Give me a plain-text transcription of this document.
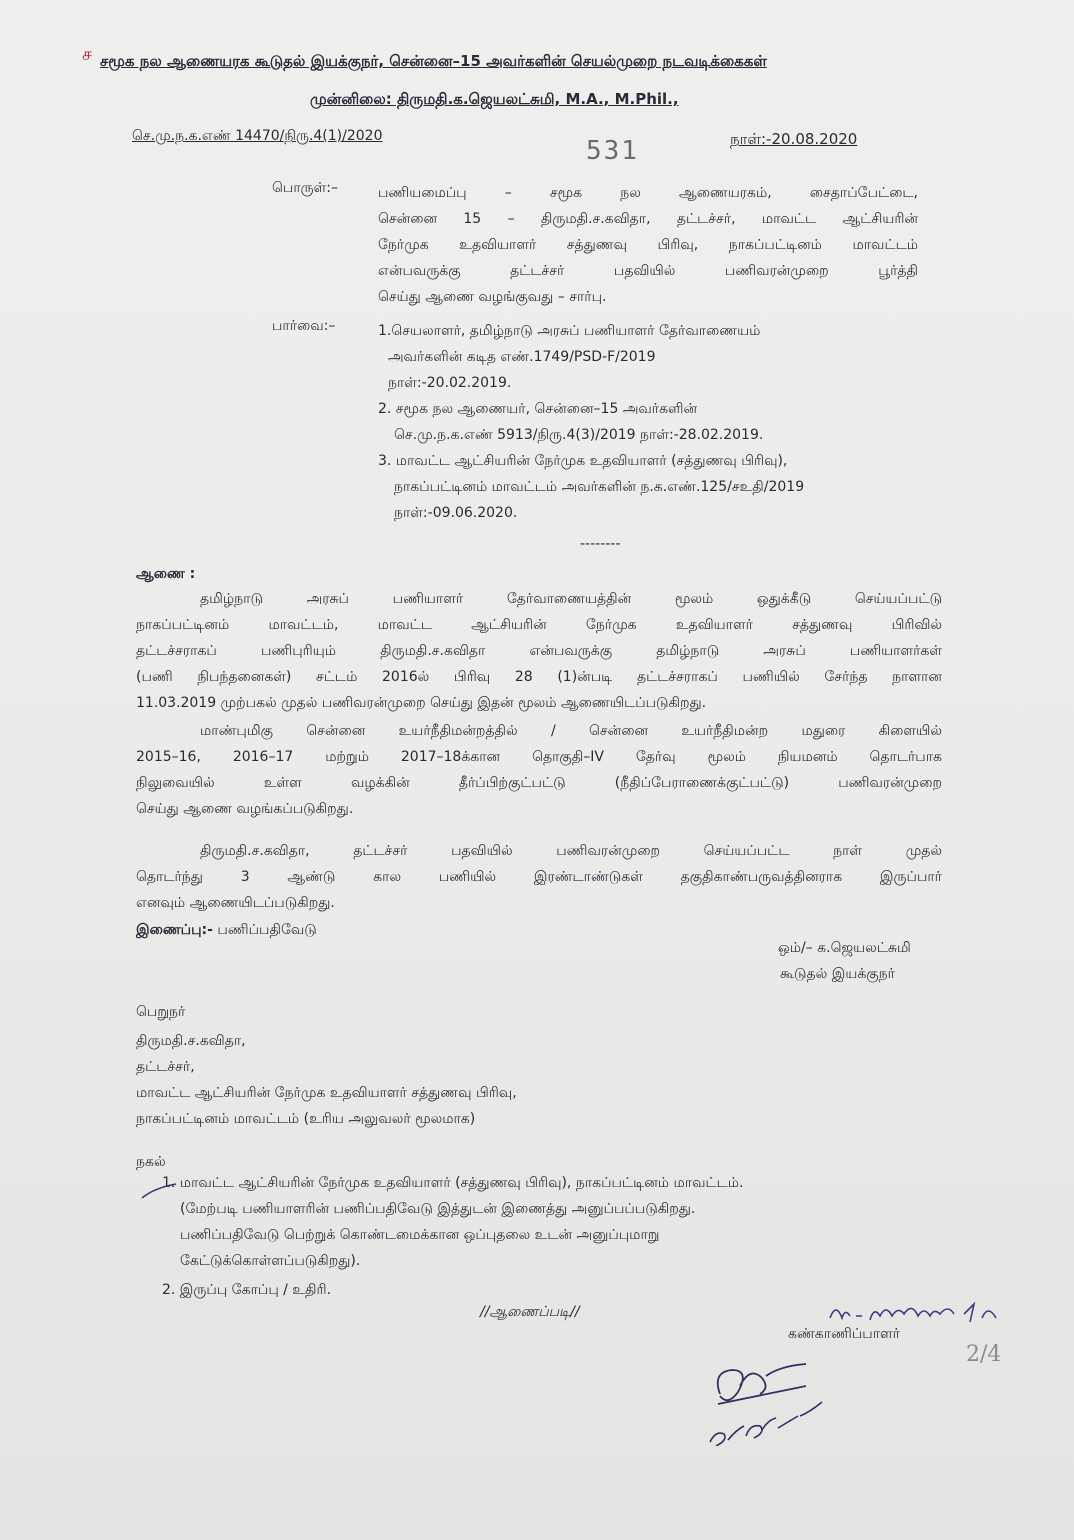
ச சமூக நல ஆணையரக கூடுதல் இயக்குநர், சென்னை–15 அவர்களின் செயல்முறை நடவடிக்கைகள்
முன்னிலை: திருமதி.க.ஜெயலட்சுமி, M.A., M.Phil.,
செ.மு.ந.க.எண் 14470/நிரு.4(1)/2020	531	நாள்:-20.08.2020
பொருள்:–	பணியமைப்பு – சமூக நல ஆணையரகம், சைதாப்பேட்டை,
சென்னை 15 – திருமதி.ச.கவிதா, தட்டச்சர், மாவட்ட ஆட்சியரின்
நேர்முக உதவியாளர் சத்துணவு பிரிவு, நாகப்பட்டினம் மாவட்டம்
என்பவருக்கு தட்டச்சர் பதவியில் பணிவரன்முறை பூர்த்தி
செய்து ஆணை வழங்குவது – சார்பு.
பார்வை:–	1.செயலாளர், தமிழ்நாடு அரசுப் பணியாளர் தேர்வாணையம்
அவர்களின் கடித எண்.1749/PSD-F/2019
நாள்:-20.02.2019.
2. சமூக நல ஆணையர், சென்னை–15 அவர்களின்
செ.மு.ந.க.எண் 5913/நிரு.4(3)/2019 நாள்:-28.02.2019.
3. மாவட்ட ஆட்சியரின் நேர்முக உதவியாளர் (சத்துணவு பிரிவு),
நாகப்பட்டினம் மாவட்டம் அவர்களின் ந.க.எண்.125/சஉதி/2019
நாள்:-09.06.2020.
--------
ஆணை :
தமிழ்நாடு அரசுப் பணியாளர் தேர்வாணையத்தின் மூலம் ஒதுக்கீடு செய்யப்பட்டு
நாகப்பட்டினம் மாவட்டம், மாவட்ட ஆட்சியரின் நேர்முக உதவியாளர் சத்துணவு பிரிவில்
தட்டச்சராகப் பணிபுரியும் திருமதி.ச.கவிதா என்பவருக்கு தமிழ்நாடு அரசுப் பணியாளர்கள்
(பணி நிபந்தனைகள்) சட்டம் 2016ல் பிரிவு 28 (1)ன்படி தட்டச்சராகப் பணியில் சேர்ந்த நாளான
11.03.2019 முற்பகல் முதல் பணிவரன்முறை செய்து இதன் மூலம் ஆணையிடப்படுகிறது.
மாண்புமிகு சென்னை உயர்நீதிமன்றத்தில் / சென்னை உயர்நீதிமன்ற மதுரை கிளையில்
2015–16, 2016–17 மற்றும் 2017–18க்கான தொகுதி–IV தேர்வு மூலம் நியமனம் தொடர்பாக
நிலுவையில் உள்ள வழக்கின் தீர்ப்பிற்குட்பட்டு (நீதிப்பேராணைக்குட்பட்டு) பணிவரன்முறை
செய்து ஆணை வழங்கப்படுகிறது.
திருமதி.ச.கவிதா, தட்டச்சர் பதவியில் பணிவரன்முறை செய்யப்பட்ட நாள் முதல்
தொடர்ந்து 3 ஆண்டு கால பணியில் இரண்டாண்டுகள் தகுதிகாண்பருவத்தினராக இருப்பார்
எனவும் ஆணையிடப்படுகிறது.
இணைப்பு:- பணிப்பதிவேடு
ஒம்/– க.ஜெயலட்சுமி
கூடுதல் இயக்குநர்
பெறுநர்
திருமதி.ச.கவிதா,
தட்டச்சர்,
மாவட்ட ஆட்சியரின் நேர்முக உதவியாளர் சத்துணவு பிரிவு,
நாகப்பட்டினம் மாவட்டம் (உரிய அலுவலர் மூலமாக)
நகல்
1. மாவட்ட ஆட்சியரின் நேர்முக உதவியாளர் (சத்துணவு பிரிவு), நாகப்பட்டினம் மாவட்டம்.
(மேற்படி பணியாளரின் பணிப்பதிவேடு இத்துடன் இணைத்து அனுப்பப்படுகிறது.
பணிப்பதிவேடு பெற்றுக் கொண்டமைக்கான ஒப்புதலை உடன் அனுப்புமாறு
கேட்டுக்கொள்ளப்படுகிறது).
2. இருப்பு கோப்பு / உதிரி.
//ஆணைப்படி//
கண்காணிப்பாளர்
2/4
